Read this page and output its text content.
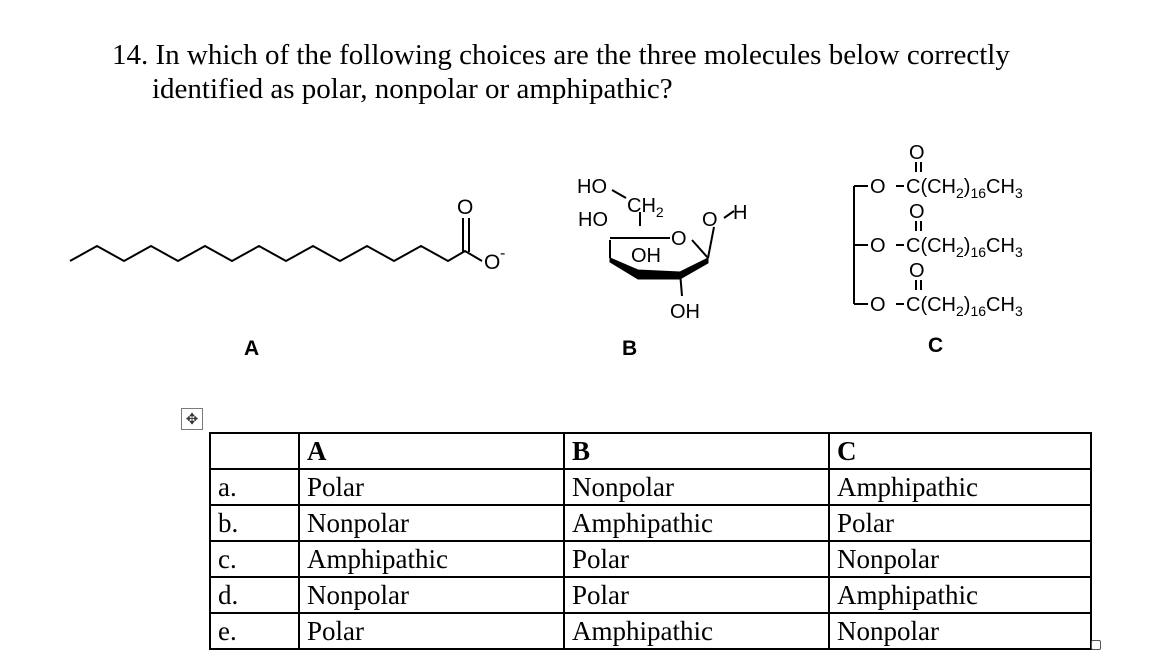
14. In which of the following choices are the three molecules below correctly
identified as polar, nonpolar or amphipathic?
O
O -
A
HO
$CH_2$
HO
O
O H
OH
OH
B
O
O $C(CH_2)_{16}CH_3$
O
O $C(CH_2)_{16}CH_3$
O
O $C(CH_2)_{16}CH_3$
C
✥
	A	B	C
a.	Polar	Nonpolar	Amphipathic
b.	Nonpolar	Amphipathic	Polar
c.	Amphipathic	Polar	Nonpolar
d.	Nonpolar	Polar	Amphipathic
e.	Polar	Amphipathic	Nonpolar
